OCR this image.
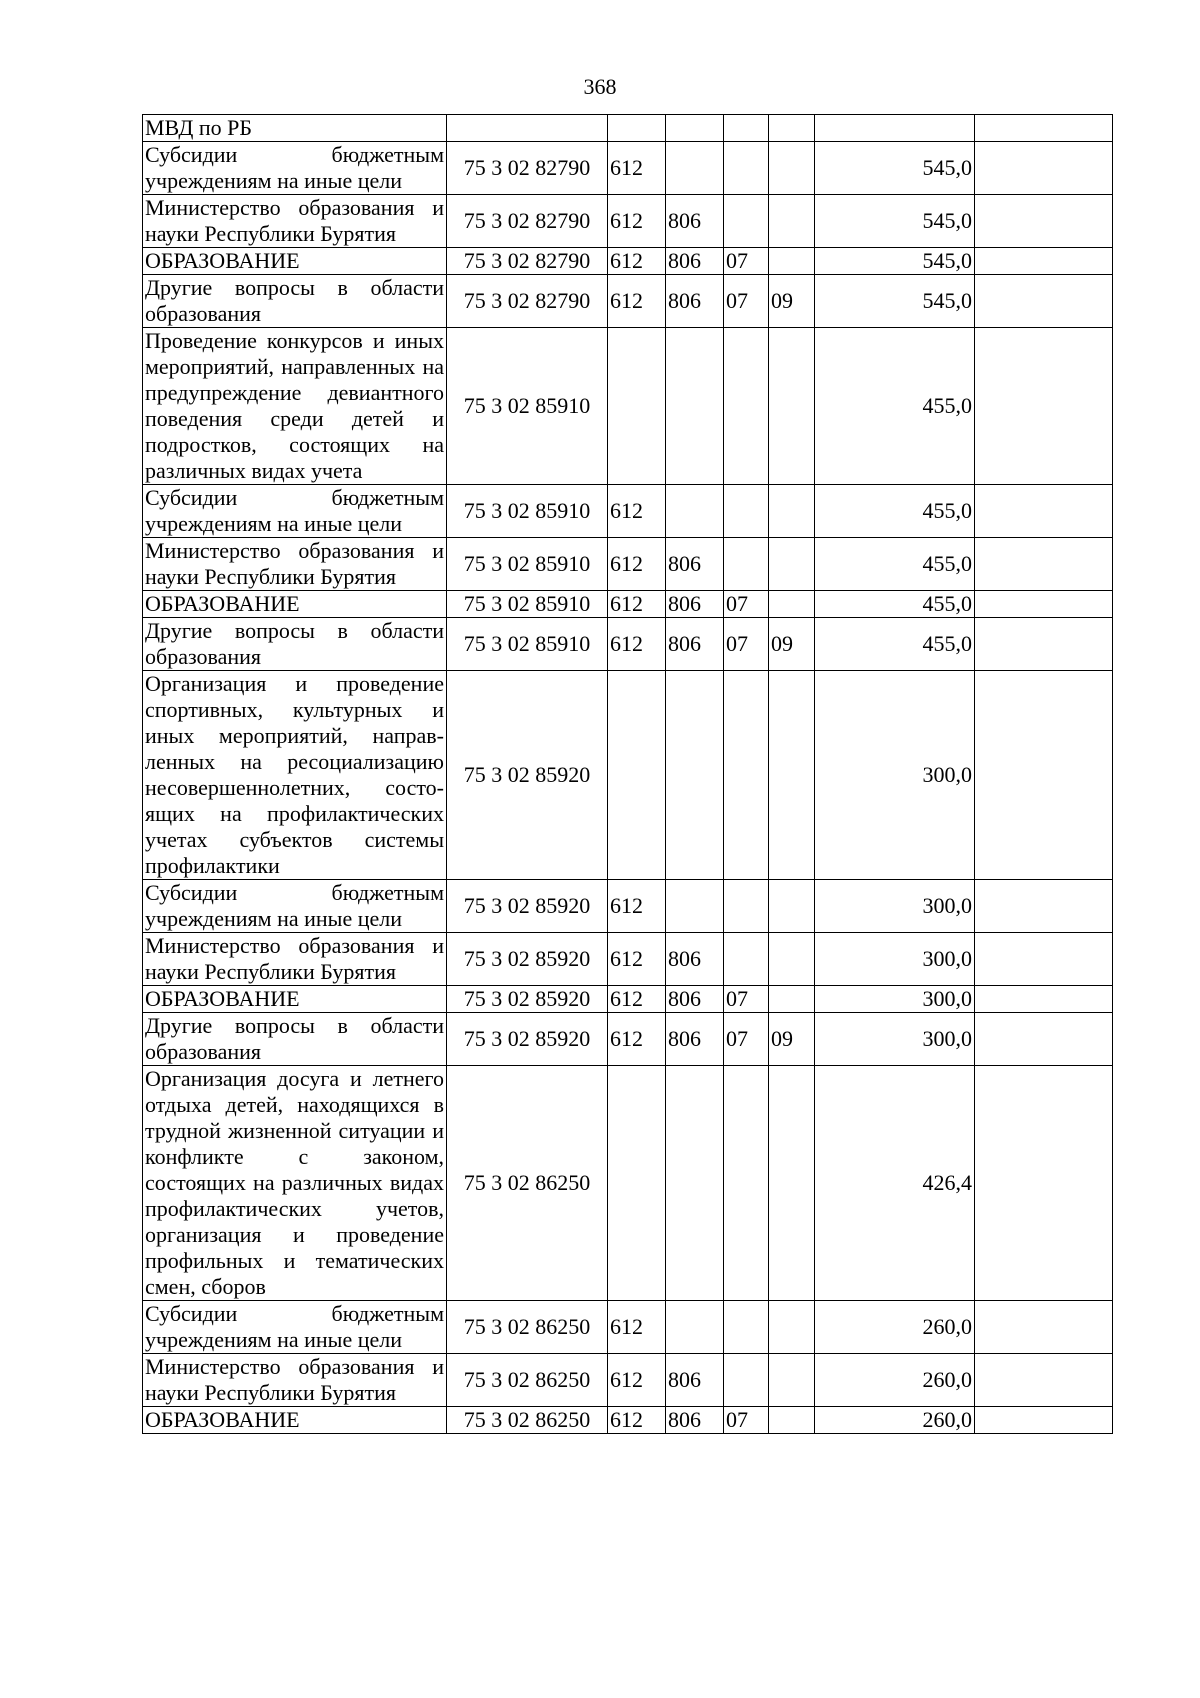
368
МВД по РБ							
Субсидии бюджетным учреждениям на иные цели	75 3 02 82790	612				545,0	
Министерство образования и науки Республики Бурятия	75 3 02 82790	612	806			545,0	
ОБРАЗОВАНИЕ	75 3 02 82790	612	806	07		545,0	
Другие вопросы в области образования	75 3 02 82790	612	806	07	09	545,0	
Проведение конкурсов и иных мероприятий, направленных на предупреждение девиантного поведения среди детей и подростков, состоящих на различных видах учета	75 3 02 85910					455,0	
Субсидии бюджетным учреждениям на иные цели	75 3 02 85910	612				455,0	
Министерство образования и науки Республики Бурятия	75 3 02 85910	612	806			455,0	
ОБРАЗОВАНИЕ	75 3 02 85910	612	806	07		455,0	
Другие вопросы в области образования	75 3 02 85910	612	806	07	09	455,0	
Организация и проведение спортивных, культурных и иных мероприятий, направленных на ресоциализацию несовершеннолетних, состоящих на профилактических учетах субъектов системы профилактики	75 3 02 85920					300,0	
Субсидии бюджетным учреждениям на иные цели	75 3 02 85920	612				300,0	
Министерство образования и науки Республики Бурятия	75 3 02 85920	612	806			300,0	
ОБРАЗОВАНИЕ	75 3 02 85920	612	806	07		300,0	
Другие вопросы в области образования	75 3 02 85920	612	806	07	09	300,0	
Организация досуга и летнего отдыха детей, находящихся в трудной жизненной ситуации и конфликте с законом, состоящих на различных видах профилактических учетов, организация и проведение профильных и тематических смен, сборов	75 3 02 86250					426,4	
Субсидии бюджетным учреждениям на иные цели	75 3 02 86250	612				260,0	
Министерство образования и науки Республики Бурятия	75 3 02 86250	612	806			260,0	
ОБРАЗОВАНИЕ	75 3 02 86250	612	806	07		260,0	
